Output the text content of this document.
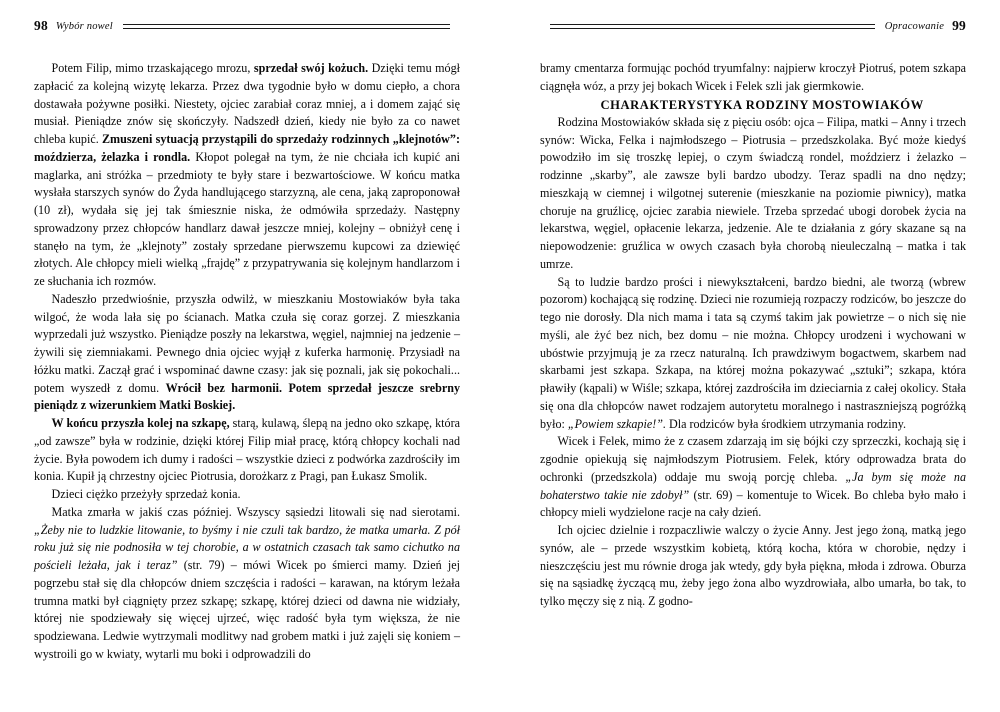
98 Wybór nowel

Potem Filip, mimo trzaskającego mrozu, sprzedał swój kożuch. Dzięki temu mógł zapłacić za kolejną wizytę lekarza. Przez dwa tygodnie było w domu ciepło, a chora dostawała pożywne posiłki. Niestety, ojciec zarabiał coraz mniej, a i domem zająć się musiał. Pieniądze znów się skończyły. Nadszedł dzień, kiedy nie było za co nawet chleba kupić. Zmuszeni sytuacją przystąpili do sprzedaży rodzinnych „klejnotów”: moździerza, żelazka i rondla. Kłopot polegał na tym, że nie chciała ich kupić ani maglarka, ani stróżka – przedmioty te były stare i bezwartościowe. W końcu matka wysłała starszych synów do Żyda handlującego starzyzną, ale cena, jaką zaproponował (10 zł), wydała się jej tak śmiesznie niska, że odmówiła sprzedaży. Następny sprowadzony przez chłopców handlarz dawał jeszcze mniej, kolejny – obniżył cenę i stanęło na tym, że „klejnoty” zostały sprzedane pierwszemu kupcowi za dziewięć złotych. Ale chłopcy mieli wielką „frajdę” z przypatrywania się kolejnym handlarzom i ze słuchania ich rozmów.

Nadeszło przedwiośnie, przyszła odwilż, w mieszkaniu Mostowiaków była taka wilgoć, że woda lała się po ścianach. Matka czuła się coraz gorzej. Z mieszkania wyprzedali już wszystko. Pieniądze poszły na lekarstwa, węgiel, najmniej na jedzenie – żywili się ziemniakami. Pewnego dnia ojciec wyjął z kuferka harmonię. Przysiadł na łóżku matki. Zaczął grać i wspominać dawne czasy: jak się poznali, jak się pokochali... potem wyszedł z domu. Wrócił bez harmonii. Potem sprzedał jeszcze srebrny pieniądz z wizerunkiem Matki Boskiej.

W końcu przyszła kolej na szkapę, starą, kulawą, ślepą na jedno oko szkapę, która „od zawsze” była w rodzinie, dzięki której Filip miał pracę, którą chłopcy kochali nad życie. Była powodem ich dumy i radości – wszystkie dzieci z podwórka zazdrościły im konia. Kupił ją chrzestny ojciec Piotrusia, dorożkarz z Pragi, pan Łukasz Smolik.

Dzieci ciężko przeżyły sprzedaż konia.

Matka zmarła w jakiś czas później. Wszyscy sąsiedzi litowali się nad sierotami. „Żeby nie to ludzkie litowanie, to byśmy i nie czuli tak bardzo, że matka umarła. Z pół roku już się nie podnosiła w tej chorobie, a w ostatnich czasach tak samo cichutko na pościeli leżała, jak i teraz” (str. 79) – mówi Wicek po śmierci mamy. Dzień jej pogrzebu stał się dla chłopców dniem szczęścia i radości – karawan, na którym leżała trumna matki był ciągnięty przez szkapę; szkapę, której dzieci od dawna nie widziały, której nie spodziewały się więcej ujrzeć, więc radość była tym większa, że nie spodziewana. Ledwie wytrzymali modlitwy nad grobem matki i już zajęli się koniem – wystroili go w kwiaty, wytarli mu boki i odprowadzili do

Opracowanie 99

bramy cmentarza formując pochód tryumfalny: najpierw kroczył Piotruś, potem szkapa ciągnęła wóz, a przy jej bokach Wicek i Felek szli jak giermkowie.

CHARAKTERYSTYKA RODZINY MOSTOWIAKÓW

Rodzina Mostowiaków składa się z pięciu osób: ojca – Filipa, matki – Anny i trzech synów: Wicka, Felka i najmłodszego – Piotrusia – przedszkolaka. Być może kiedyś powodziło im się troszkę lepiej, o czym świadczą rondel, moździerz i żelazko – rodzinne „skarby”, ale zawsze byli bardzo ubodzy. Teraz spadli na dno nędzy; mieszkają w ciemnej i wilgotnej suterenie (mieszkanie na poziomie piwnicy), matka choruje na gruźlicę, ojciec zarabia niewiele. Trzeba sprzedać ubogi dorobek życia na lekarstwa, węgiel, opłacenie lekarza, jedzenie. Ale te działania z góry skazane są na niepowodzenie: gruźlica w owych czasach była chorobą nieuleczalną – matka i tak umrze.

Są to ludzie bardzo prości i niewykształceni, bardzo biedni, ale tworzą (wbrew pozorom) kochającą się rodzinę. Dzieci nie rozumieją rozpaczy rodziców, bo jeszcze do tego nie dorosły. Dla nich mama i tata są czymś takim jak powietrze – o nich się nie myśli, ale żyć bez nich, bez domu – nie można. Chłopcy urodzeni i wychowani w ubóstwie przyjmują je za rzecz naturalną. Ich prawdziwym bogactwem, skarbem nad skarbami jest szkapa. Szkapa, na której można pokazywać „sztuki”; szkapa, która pławiły (kąpali) w Wiśle; szkapa, której zazdrościła im dzieciarnia z całej okolicy. Stała się ona dla chłopców nawet rodzajem autorytetu moralnego i nastraszniejszą pogróżką było: „Powiem szkapie!”. Dla rodziców była środkiem utrzymania rodziny.

Wicek i Felek, mimo że z czasem zdarzają im się bójki czy sprzeczki, kochają się i zgodnie opiekują się najmłodszym Piotrusiem. Felek, który odprowadza brata do ochronki (przedszkola) oddaje mu swoją porcję chleba. „Ja bym się może na bohaterstwo takie nie zdobył” (str. 69) – komentuje to Wicek. Bo chleba było mało i chłopcy mieli wydzielone racje na cały dzień.

Ich ojciec dzielnie i rozpaczliwie walczy o życie Anny. Jest jego żoną, matką jego synów, ale – przede wszystkim kobietą, którą kocha, która w chorobie, nędzy i nieszczęściu jest mu równie droga jak wtedy, gdy była piękna, młoda i zdrowa. Oburza się na sąsiadkę życzącą mu, żeby jego żona albo wyzdrowiała, albo umarła, bo tak, to tylko męczy się z nią. Z godno-
